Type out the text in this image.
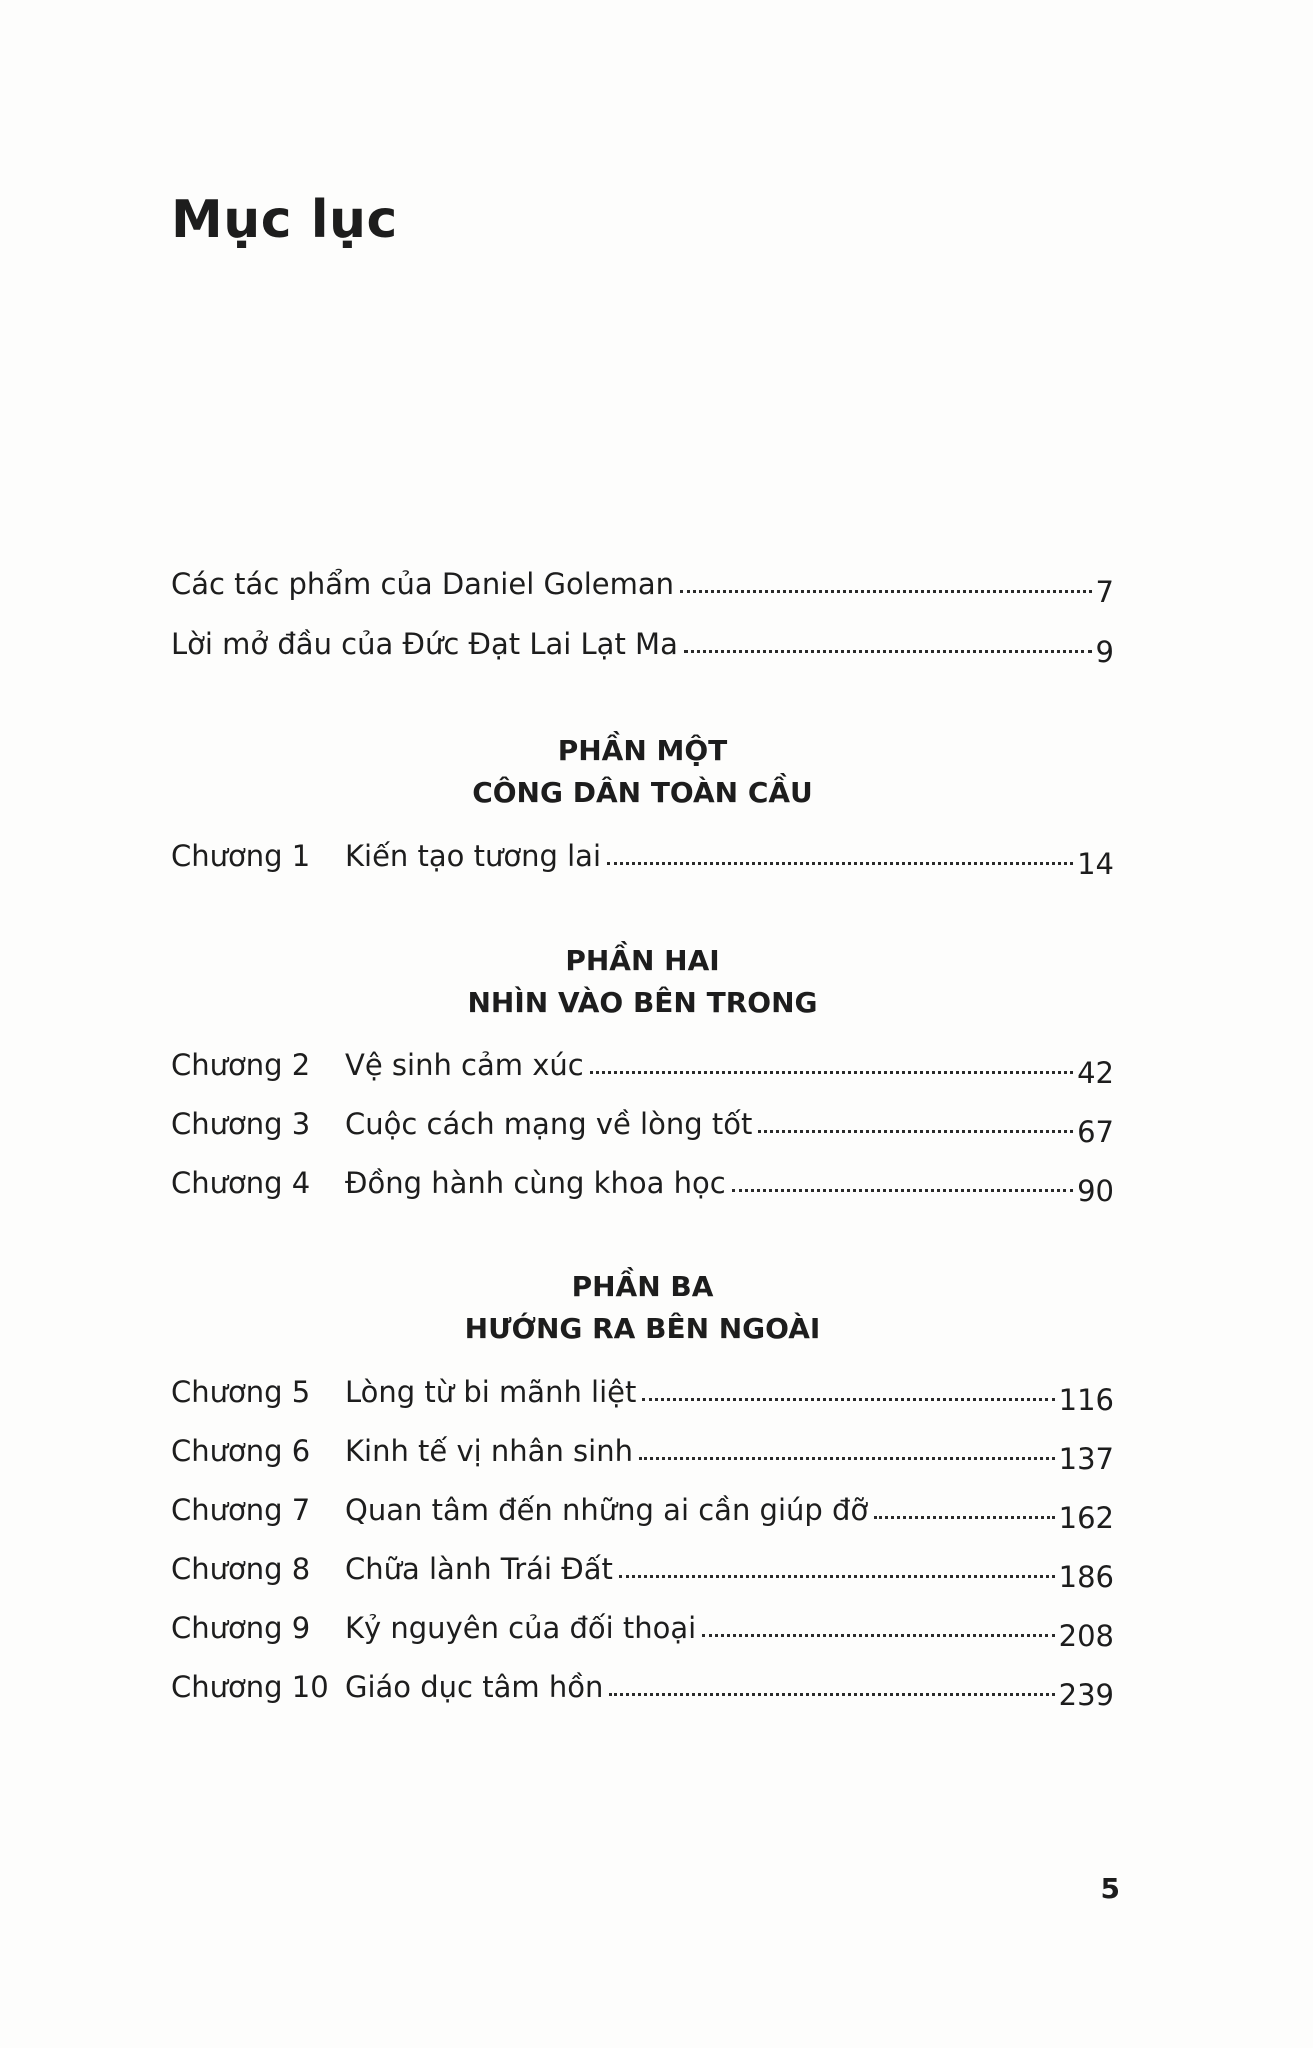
Mục lục
Các tác phẩm của Daniel Goleman	7
Lời mở đầu của Đức Đạt Lai Lạt Ma	9
PHẦN MỘT
CÔNG DÂN TOÀN CẦU
Chương 1	Kiến tạo tương lai	14
PHẦN HAI
NHÌN VÀO BÊN TRONG
Chương 2	Vệ sinh cảm xúc	42
Chương 3	Cuộc cách mạng về lòng tốt	67
Chương 4	Đồng hành cùng khoa học	90
PHẦN BA
HƯỚNG RA BÊN NGOÀI
Chương 5	Lòng từ bi mãnh liệt	116
Chương 6	Kinh tế vị nhân sinh	137
Chương 7	Quan tâm đến những ai cần giúp đỡ	162
Chương 8	Chữa lành Trái Đất	186
Chương 9	Kỷ nguyên của đối thoại	208
Chương 10 Giáo dục tâm hồn	239
5
